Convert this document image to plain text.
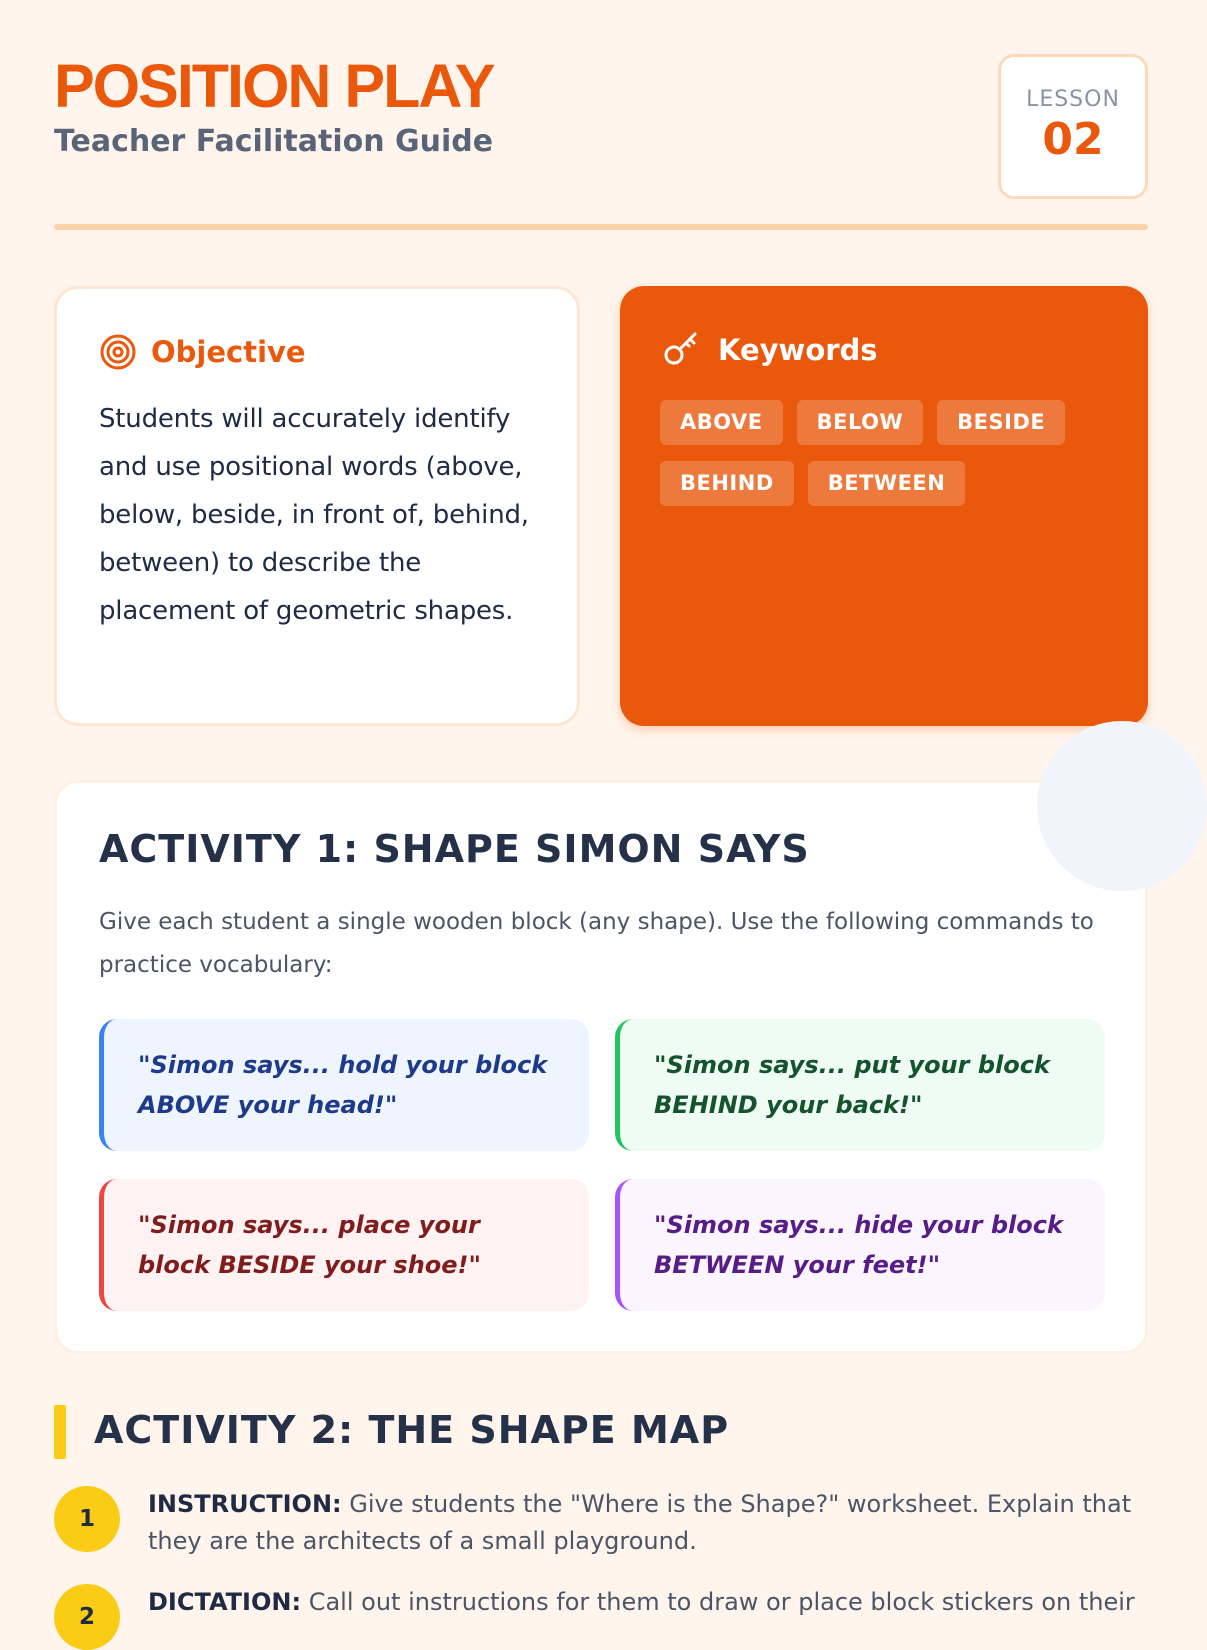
POSITION PLAY
Teacher Facilitation Guide
LESSON
02
Objective
Students will accurately identify and use positional words (above, below, beside, in front of, behind, between) to describe the placement of geometric shapes.
Keywords
ABOVE	BELOW	BESIDE
BEHIND	BETWEEN
ACTIVITY 1: SHAPE SIMON SAYS
Give each student a single wooden block (any shape). Use the following commands to practice vocabulary:
"Simon says... hold your block ABOVE your head!"
"Simon says... put your block BEHIND your back!"
"Simon says... place your block BESIDE your shoe!"
"Simon says... hide your block BETWEEN your feet!"
ACTIVITY 2: THE SHAPE MAP
1
INSTRUCTION: Give students the "Where is the Shape?" worksheet. Explain that they are the architects of a small playground.
2
DICTATION: Call out instructions for them to draw or place block stickers on their
